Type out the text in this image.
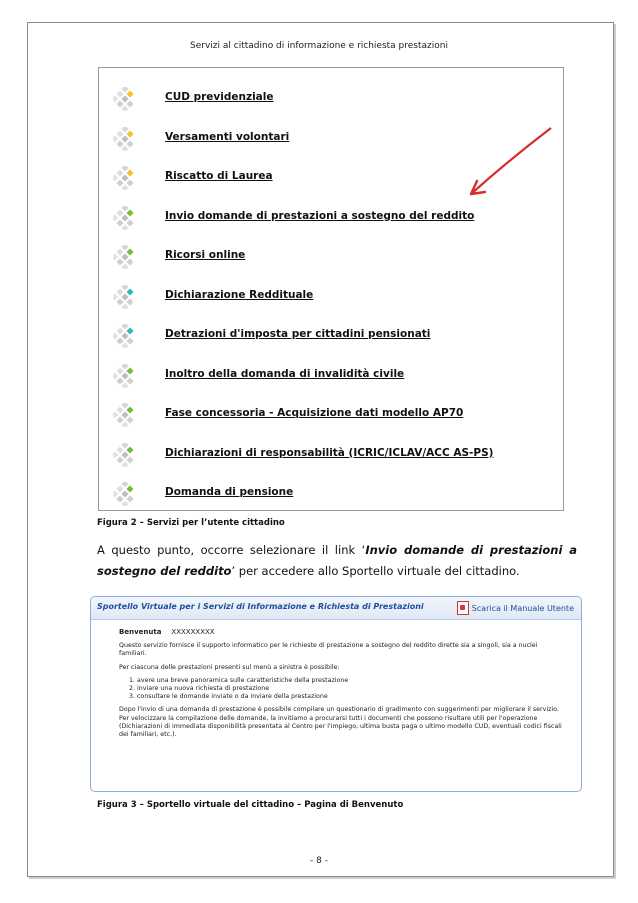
Servizi al cittadino di informazione e richiesta prestazioni
CUD previdenziale
Versamenti volontari
Riscatto di Laurea
Invio domande di prestazioni a sostegno del reddito
Ricorsi online
Dichiarazione Reddituale
Detrazioni d'imposta per cittadini pensionati
Inoltro della domanda di invalidità civile
Fase concessoria - Acquisizione dati modello AP70
Dichiarazioni di responsabilità (ICRIC/ICLAV/ACC AS-PS)
Domanda di pensione
Figura 2 – Servizi per l’utente cittadino
A questo punto, occorre selezionare il link ‘Invio domande di prestazioni a sostegno del reddito’ per accedere allo Sportello virtuale del cittadino.
Sportello Virtuale per i Servizi di Informazione e Richiesta di Prestazioni	Scarica il Manuale Utente
Benvenuta XXXXXXXXX

Questo servizio fornisce il supporto informatico per le richieste di prestazione a sostegno del reddito dirette sia a singoli, sia a nuclei familiari.

Per ciascuna delle prestazioni presenti sul menù a sinistra è possibile:

1. avere una breve panoramica sulle caratteristiche della prestazione
2. inviare una nuova richiesta di prestazione
3. consultare le domande inviate o da inviare della prestazione

Dopo l'invio di una domanda di prestazione è possibile compilare un questionario di gradimento con suggerimenti per migliorare il servizio.

Per velocizzare la compilazione delle domande, la invitiamo a procurarsi tutti i documenti che possono risultare utili per l'operazione (Dichiarazioni di immediata disponibilità presentata al Centro per l'impiego, ultima busta paga o ultimo modello CUD, eventuali codici fiscali dei familiari, etc.).

Figura 3 – Sportello virtuale del cittadino – Pagina di Benvenuto
- 8 -
